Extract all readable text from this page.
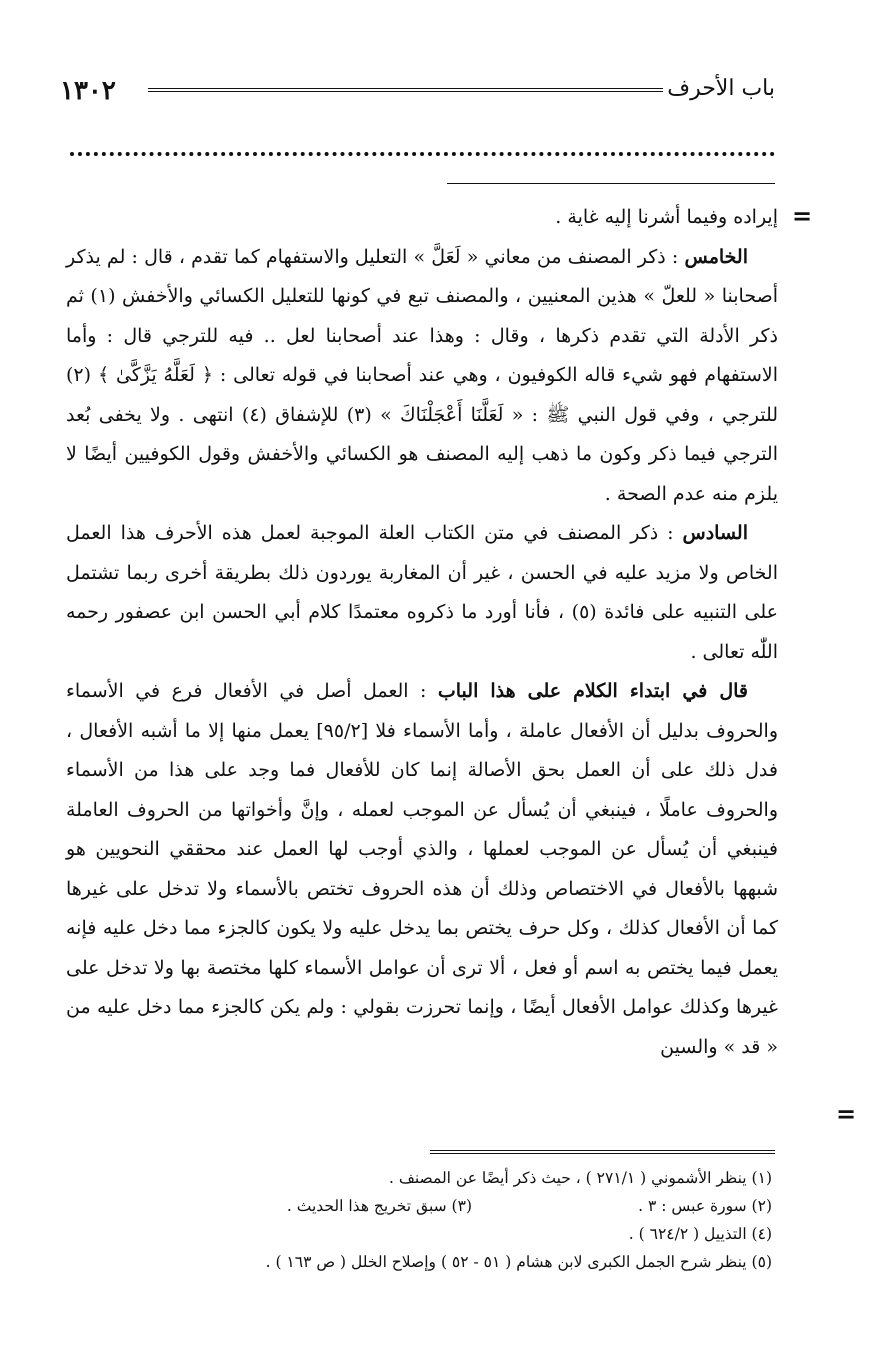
١٣٠٢	باب الأحرف
=
=

إيراده وفيما أشرنا إليه غاية .

الخامس : ذكر المصنف من معاني « لَعَلَّ » التعليل والاستفهام كما تقدم ، قال : لم يذكر أصحابنا « للعلّ » هذين المعنيين ، والمصنف تبع في كونها للتعليل الكسائي والأخفش (١) ثم ذكر الأدلة التي تقدم ذكرها ، وقال : وهذا عند أصحابنا لعل .. فيه للترجي قال : وأما الاستفهام فهو شيء قاله الكوفيون ، وهي عند أصحابنا في قوله تعالى : ﴿ لَعَلَّهُ يَزَّكَّىٰ ﴾ (٢) للترجي ، وفي قول النبي ﷺ : « لَعَلَّنَا أَعْجَلْنَاكَ » (٣) للإشفاق (٤) انتهى . ولا يخفى بُعد الترجي فيما ذكر وكون ما ذهب إليه المصنف هو الكسائي والأخفش وقول الكوفيين أيضًا لا يلزم منه عدم الصحة .

السادس : ذكر المصنف في متن الكتاب العلة الموجبة لعمل هذه الأحرف هذا العمل الخاص ولا مزيد عليه في الحسن ، غير أن المغاربة يوردون ذلك بطريقة أخرى ربما تشتمل على التنبيه على فائدة (٥) ، فأنا أورد ما ذكروه معتمدًا كلام أبي الحسن ابن عصفور رحمه اللّٰه تعالى .

قال في ابتداء الكلام على هذا الباب : العمل أصل في الأفعال فرع في الأسماء والحروف بدليل أن الأفعال عاملة ، وأما الأسماء فلا [٩٥/٢] يعمل منها إلا ما أشبه الأفعال ، فدل ذلك على أن العمل بحق الأصالة إنما كان للأفعال فما وجد على هذا من الأسماء والحروف عاملًا ، فينبغي أن يُسأل عن الموجب لعمله ، وإنَّ وأخواتها من الحروف العاملة فينبغي أن يُسأل عن الموجب لعملها ، والذي أوجب لها العمل عند محققي النحويين هو شبهها بالأفعال في الاختصاص وذلك أن هذه الحروف تختص بالأسماء ولا تدخل على غيرها كما أن الأفعال كذلك ، وكل حرف يختص بما يدخل عليه ولا يكون كالجزء مما دخل عليه فإنه يعمل فيما يختص به اسم أو فعل ، ألا ترى أن عوامل الأسماء كلها مختصة بها ولا تدخل على غيرها وكذلك عوامل الأفعال أيضًا ، وإنما تحرزت بقولي : ولم يكن كالجزء مما دخل عليه من « قد » والسين

(١) ينظر الأشموني ( ٢٧١/١ ) ، حيث ذكر أيضًا عن المصنف .
(٢) سورة عبس : ٣ .
(٣) سبق تخريج هذا الحديث .
(٤) التذييل ( ٦٢٤/٢ ) .
(٥) ينظر شرح الجمل الكبرى لابن هشام ( ٥١ - ٥٢ ) وإصلاح الخلل ( ص ١٦٣ ) .
